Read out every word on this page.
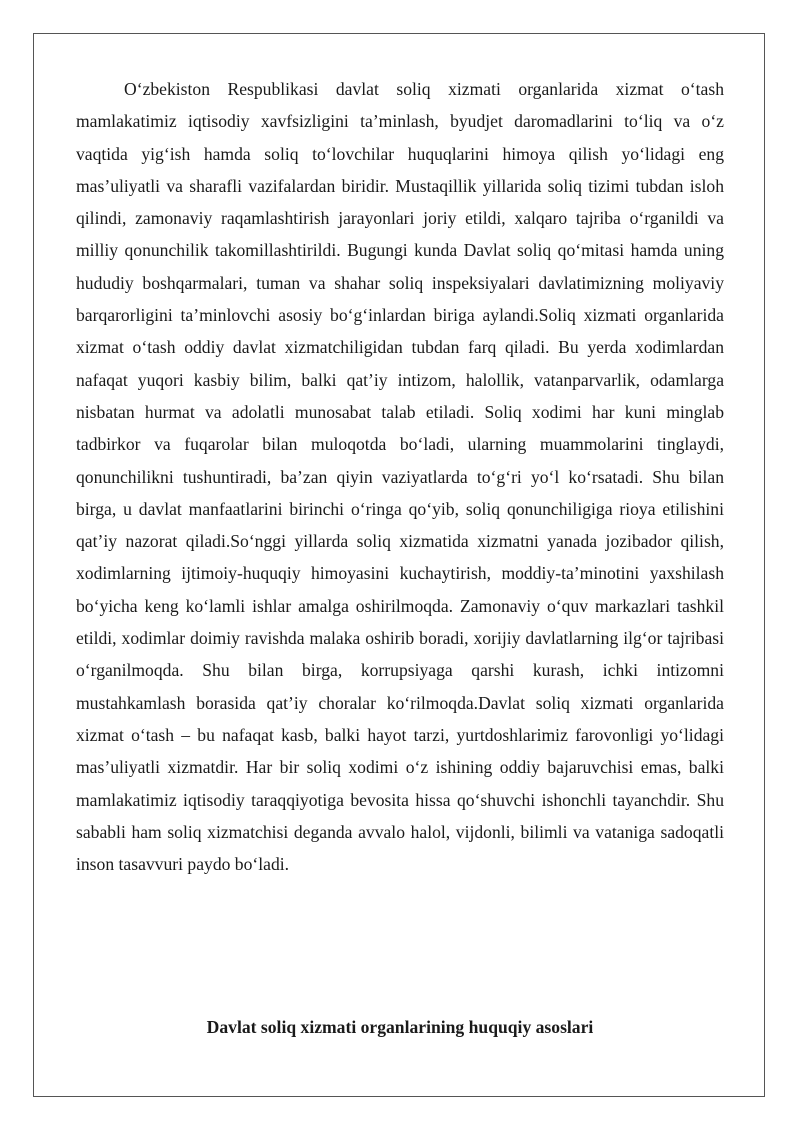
O‘zbekiston Respublikasi davlat soliq xizmati organlarida xizmat o‘tash mamlakatimiz iqtisodiy xavfsizligini ta’minlash, byudjet daromadlarini to‘liq va o‘z vaqtida yig‘ish hamda soliq to‘lovchilar huquqlarini himoya qilish yo‘lidagi eng mas’uliyatli va sharafli vazifalardan biridir. Mustaqillik yillarida soliq tizimi tubdan isloh qilindi, zamonaviy raqamlashtirish jarayonlari joriy etildi, xalqaro tajriba o‘rganildi va milliy qonunchilik takomillashtirildi. Bugungi kunda Davlat soliq qo‘mitasi hamda uning hududiy boshqarmalari, tuman va shahar soliq inspeksiyalari davlatimizning moliyaviy barqarorligini ta’minlovchi asosiy bo‘g‘inlardan biriga aylandi.Soliq xizmati organlarida xizmat o‘tash oddiy davlat xizmatchiligidan tubdan farq qiladi. Bu yerda xodimlardan nafaqat yuqori kasbiy bilim, balki qat’iy intizom, halollik, vatanparvarlik, odamlarga nisbatan hurmat va adolatli munosabat talab etiladi. Soliq xodimi har kuni minglab tadbirkor va fuqarolar bilan muloqotda bo‘ladi, ularning muammolarini tinglaydi, qonunchilikni tushuntiradi, ba’zan qiyin vaziyatlarda to‘g‘ri yo‘l ko‘rsatadi. Shu bilan birga, u davlat manfaatlarini birinchi o‘ringa qo‘yib, soliq qonunchiligiga rioya etilishini qat’iy nazorat qiladi.So‘nggi yillarda soliq xizmatida xizmatni yanada jozibador qilish, xodimlarning ijtimoiy-huquqiy himoyasini kuchaytirish, moddiy-ta’minotini yaxshilash bo‘yicha keng ko‘lamli ishlar amalga oshirilmoqda. Zamonaviy o‘quv markazlari tashkil etildi, xodimlar doimiy ravishda malaka oshirib boradi, xorijiy davlatlarning ilg‘or tajribasi o‘rganilmoqda. Shu bilan birga, korrupsiyaga qarshi kurash, ichki intizomni mustahkamlash borasida qat’iy choralar ko‘rilmoqda.Davlat soliq xizmati organlarida xizmat o‘tash – bu nafaqat kasb, balki hayot tarzi, yurtdoshlarimiz farovonligi yo‘lidagi mas’uliyatli xizmatdir. Har bir soliq xodimi o‘z ishining oddiy bajaruvchisi emas, balki mamlakatimiz iqtisodiy taraqqiyotiga bevosita hissa qo‘shuvchi ishonchli tayanchdir. Shu sababli ham soliq xizmatchisi deganda avvalo halol, vijdonli, bilimli va vataniga sadoqatli inson tasavvuri paydo bo‘ladi.

Davlat soliq xizmati organlarining huquqiy asoslari
